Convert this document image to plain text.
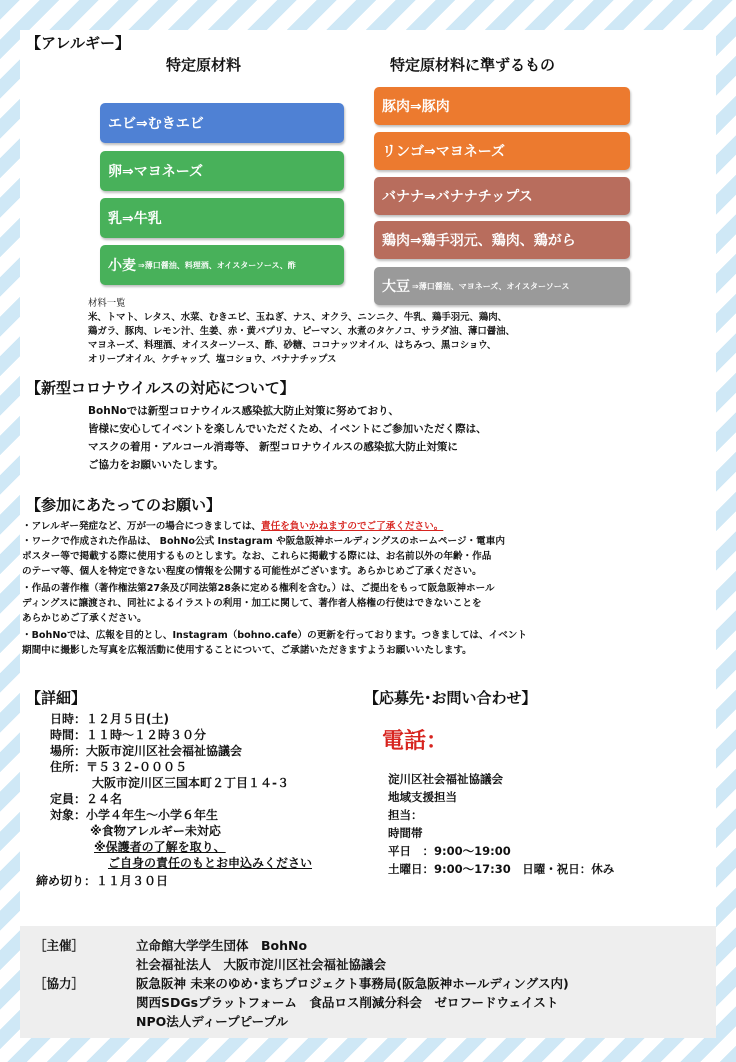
【アレルギー】
特定原材料	特定原材料に準ずるもの
エビ⇒むきエビ
卵⇒マヨネーズ
乳⇒牛乳
小麦 ⇒薄口醤油、料理酒、オイスターソース、酢
豚肉⇒豚肉
リンゴ⇒マヨネーズ
バナナ⇒バナナチップス
鶏肉⇒鶏手羽元、鶏肉、鶏がら
大豆 ⇒薄口醤油、マヨネーズ、オイスターソース
材料一覧
米、トマト、レタス、水菜、むきエビ、玉ねぎ、ナス、オクラ、ニンニク、牛乳、鶏手羽元、鶏肉、
鶏ガラ、豚肉、レモン汁、生姜、赤・黄パプリカ、ピーマン、水煮のタケノコ、サラダ油、薄口醤油、
マヨネーズ、料理酒、オイスターソース、酢、砂糖、ココナッツオイル、はちみつ、黒コショウ、
オリーブオイル、ケチャップ、塩コショウ、バナナチップス
【新型コロナウイルスの対応について】
BohNoでは新型コロナウイルス感染拡大防止対策に努めており、
皆様に安心してイベントを楽しんでいただくため、イベントにご参加いただく際は、
マスクの着用・アルコール消毒等、 新型コロナウイルスの感染拡大防止対策に
ご協力をお願いいたします。
【参加にあたってのお願い】
・アレルギー発症など、万が一の場合につきましては、責任を負いかねますのでご了承ください。
・ワークで作成された作品は、 BohNo公式 Instagram や阪急阪神ホールディングスのホームページ・電車内
ポスター等で掲載する際に使用するものとします。なお、これらに掲載する際には、お名前以外の年齢・作品
のテーマ等、個人を特定できない程度の情報を公開する可能性がございます。あらかじめご了承ください。
・作品の著作権（著作権法第27条及び同法第28条に定める権利を含む。）は、ご提出をもって阪急阪神ホール
ディングスに譲渡され、同社によるイラストの利用・加工に関して、著作者人格権の行使はできないことを
あらかじめご了承ください。
・BohNoでは、広報を目的とし、Instagram（bohno.cafe）の更新を行っております。つきましては、イベント
期間中に撮影した写真を広報活動に使用することについて、ご承諾いただきますようお願いいたします。
【詳細】
日時：１２月５日(土)
時間：１１時～１２時３０分
場所：大阪市淀川区社会福祉協議会
住所：〒５３２-０００５
大阪市淀川区三国本町２丁目１４-３
定員：２４名
対象：小学４年生～小学６年生
※食物アレルギー未対応
※保護者の了解を取り、
ご自身の責任のもとお申込みください
締め切り：１１月３０日
【応募先･お問い合わせ】
電話：
淀川区社会福祉協議会
地域支援担当
担当：
時間帯
平日　：9:00～19:00
土曜日：9:00～17:30　日曜・祝日：休み
［主催］	立命館大学学生団体　BohNo
社会福祉法人　大阪市淀川区社会福祉協議会
［協力］	阪急阪神 未来のゆめ･まちプロジェクト事務局(阪急阪神ホールディングス内)
関西SDGsプラットフォーム　食品ロス削減分科会　ゼロフードウェイスト
NPO法人ディープピープル
